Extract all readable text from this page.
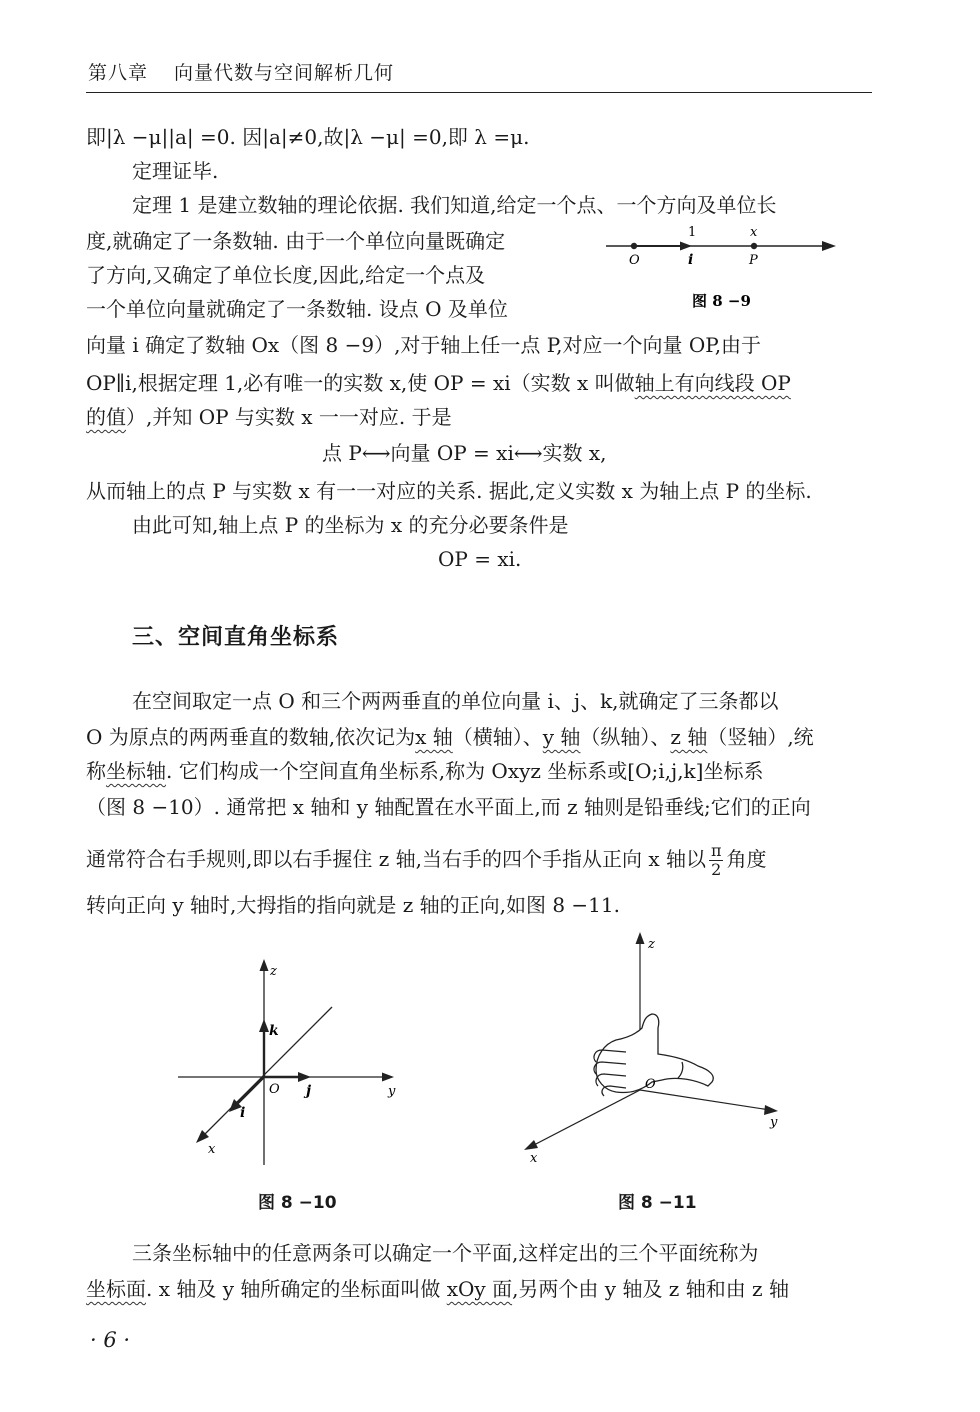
第八章 向量代数与空间解析几何
即|λ −μ||a| =0. 因|a|≠0,故|λ −μ| =0,即 λ =μ.
定理证毕.
定理 1 是建立数轴的理论依据. 我们知道,给定一个点、一个方向及单位长
度,就确定了一条数轴. 由于一个单位向量既确定
了方向,又确定了单位长度,因此,给定一个点及
一个单位向量就确定了一条数轴. 设点 O 及单位
1	x
O	i	P
图 8 −9
向量 i 确定了数轴 Ox（图 8 −9）,对于轴上任一点 P,对应一个向量 OP,由于
OP∥i,根据定理 1,必有唯一的实数 x,使 OP = xi（实数 x 叫做轴上有向线段 OP
的值）,并知 OP 与实数 x 一一对应. 于是
点 P⟷向量 OP = xi⟷实数 x,
从而轴上的点 P 与实数 x 有一一对应的关系. 据此,定义实数 x 为轴上点 P 的坐标.
由此可知,轴上点 P 的坐标为 x 的充分必要条件是
OP = xi.
三、空间直角坐标系
在空间取定一点 O 和三个两两垂直的单位向量 i、j、k,就确定了三条都以
O 为原点的两两垂直的数轴,依次记为x 轴（横轴）、y 轴（纵轴）、z 轴（竖轴）,统
称坐标轴. 它们构成一个空间直角坐标系,称为 Oxyz 坐标系或[O;i,j,k]坐标系
（图 8 −10）. 通常把 x 轴和 y 轴配置在水平面上,而 z 轴则是铅垂线;它们的正向
通常符合右手规则,即以右手握住 z 轴,当右手的四个手指从正向 x 轴以 $\frac{\pi}{2}$ 角度
转向正向 y 轴时,大拇指的指向就是 z 轴的正向,如图 8 −11.
z
k
O j	y
i
x
图 8 −10
z
O
y
x
图 8 −11
三条坐标轴中的任意两条可以确定一个平面,这样定出的三个平面统称为
坐标面. x 轴及 y 轴所确定的坐标面叫做 xOy 面,另两个由 y 轴及 z 轴和由 z 轴
· 6 ·
